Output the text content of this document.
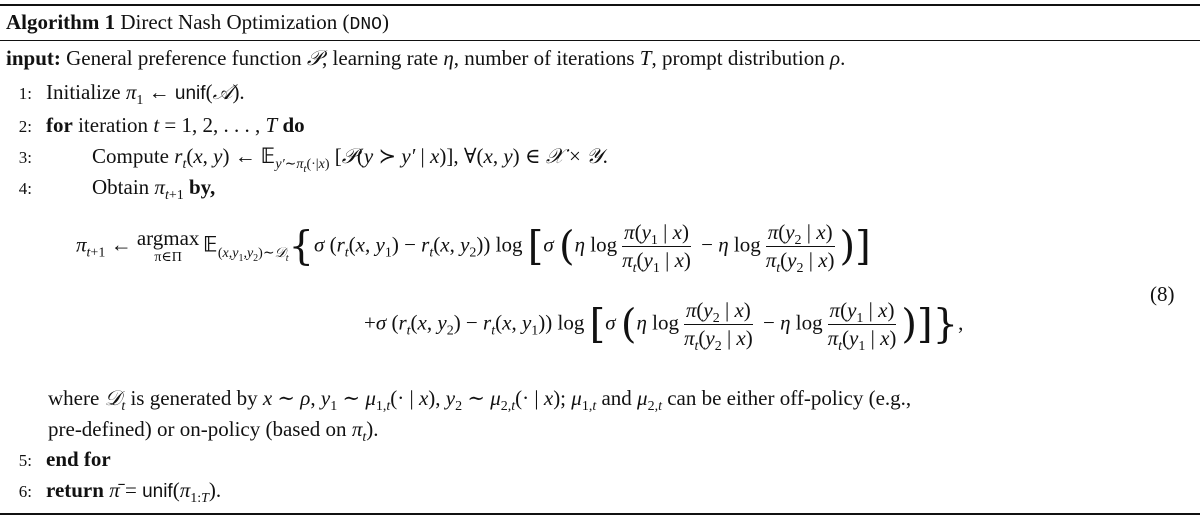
Algorithm 1 Direct Nash Optimization (DNO)
input: General preference function 𝒫, learning rate η, number of iterations T, prompt distribution ρ.
1: Initialize $\pi_1$ ← unif(𝒜).
2: for iteration t = 1, 2, . . . , T do
3:	Compute $r_t(x$, y) ← 𝔼$_{y'\sim\pi_t(\cdot|x)}$ [𝒫(y ≻ y′ | x)], ∀(x, y) ∈ 𝒳 × 𝒴.
4:	Obtain $\pi_{t+1}$ by,
$\pi_{t+1}$ ← argmax
π∈Π
𝔼$_{(x,y_1,y_2)\sim 𝒟_t}${σ ($r_t(x$, $y_1) - r_t(x$, $y_2$)) log [σ (η $\log \frac{\pi(y_1 | x)}{\pi_t(y_1 | x)} - \eta$ $\log \frac{\pi(y_2 | x)}{\pi_t(y_2 | x)}$ )]
(8)
+σ ($r_t(x$, $y_2) - r_t(x$, $y_1$)) log [σ (η $\log \frac{\pi(y_2 | x)}{\pi_t(y_2 | x)} - \eta$ $\log \frac{\pi(y_1 | x)}{\pi_t(y_1 | x)}$ )]},
where 𝒟$_t$ is generated by x ∼ ρ, $y_1$ ∼ $\mu_{1,t}(\cdot$ | x), $y_2$ ∼ $\mu_{2,t}(\cdot$ | x); $\mu_{1,t}$ and $\mu_{2,t}$ can be either off-policy (e.g.,
pre-defined) or on-policy (based on $\pi_t$).
5: end for
6: return π̄ = $unif(\pi_{1:T})$.
